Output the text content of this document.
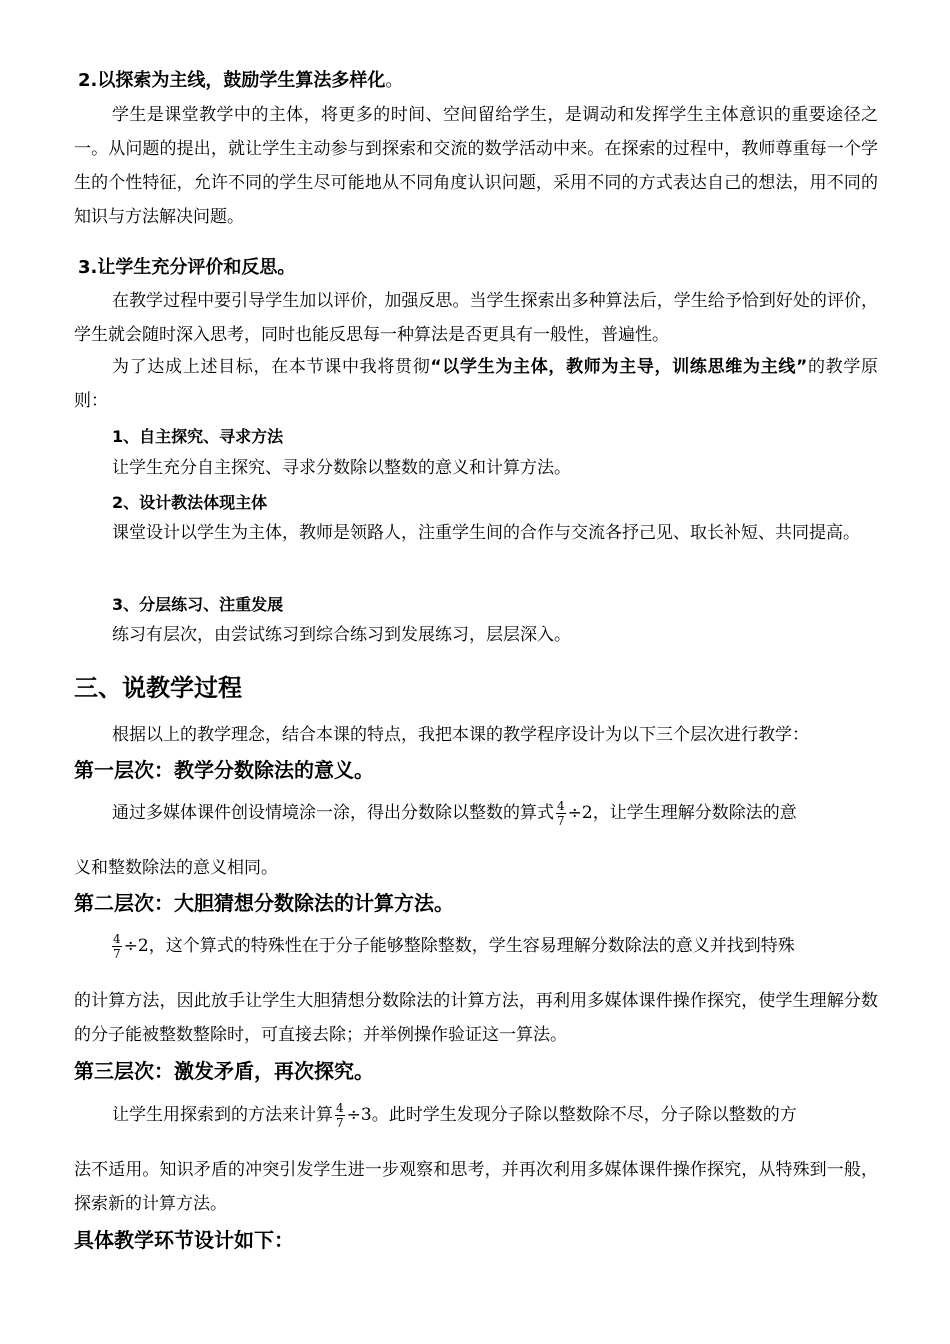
2.以探索为主线，鼓励学生算法多样化。

学生是课堂教学中的主体，将更多的时间、空间留给学生，是调动和发挥学生主体意识的重要途径之一。从问题的提出，就让学生主动参与到探索和交流的数学活动中来。在探索的过程中，教师尊重每一个学生的个性特征，允许不同的学生尽可能地从不同角度认识问题，采用不同的方式表达自己的想法，用不同的知识与方法解决问题。

3.让学生充分评价和反思。

在教学过程中要引导学生加以评价，加强反思。当学生探索出多种算法后，学生给予恰到好处的评价，学生就会随时深入思考，同时也能反思每一种算法是否更具有一般性，普遍性。

为了达成上述目标，在本节课中我将贯彻“以学生为主体，教师为主导，训练思维为主线”的教学原则：

1、自主探究、寻求方法

让学生充分自主探究、寻求分数除以整数的意义和计算方法。

2、设计教法体现主体

课堂设计以学生为主体，教师是领路人，注重学生间的合作与交流各抒己见、取长补短、共同提高。

3、分层练习、注重发展

练习有层次，由尝试练习到综合练习到发展练习，层层深入。

三、说教学过程

根据以上的教学理念，结合本课的特点，我把本课的教学程序设计为以下三个层次进行教学：

第一层次：教学分数除法的意义。

通过多媒体课件创设情境涂一涂，得出分数除以整数的算式 $\frac{4}{7} \div 2$，让学生理解分数除法的意

义和整数除法的意义相同。

第二层次：大胆猜想分数除法的计算方法。

$\frac{4}{7} \div 2$，这个算式的特殊性在于分子能够整除整数，学生容易理解分数除法的意义并找到特殊

的计算方法，因此放手让学生大胆猜想分数除法的计算方法，再利用多媒体课件操作探究，使学生理解分数的分子能被整数整除时，可直接去除；并举例操作验证这一算法。

第三层次：激发矛盾，再次探究。

让学生用探索到的方法来计算 $\frac{4}{7} \div 3$。此时学生发现分子除以整数除不尽，分子除以整数的方

法不适用。知识矛盾的冲突引发学生进一步观察和思考，并再次利用多媒体课件操作探究，从特殊到一般，探索新的计算方法。

具体教学环节设计如下：
